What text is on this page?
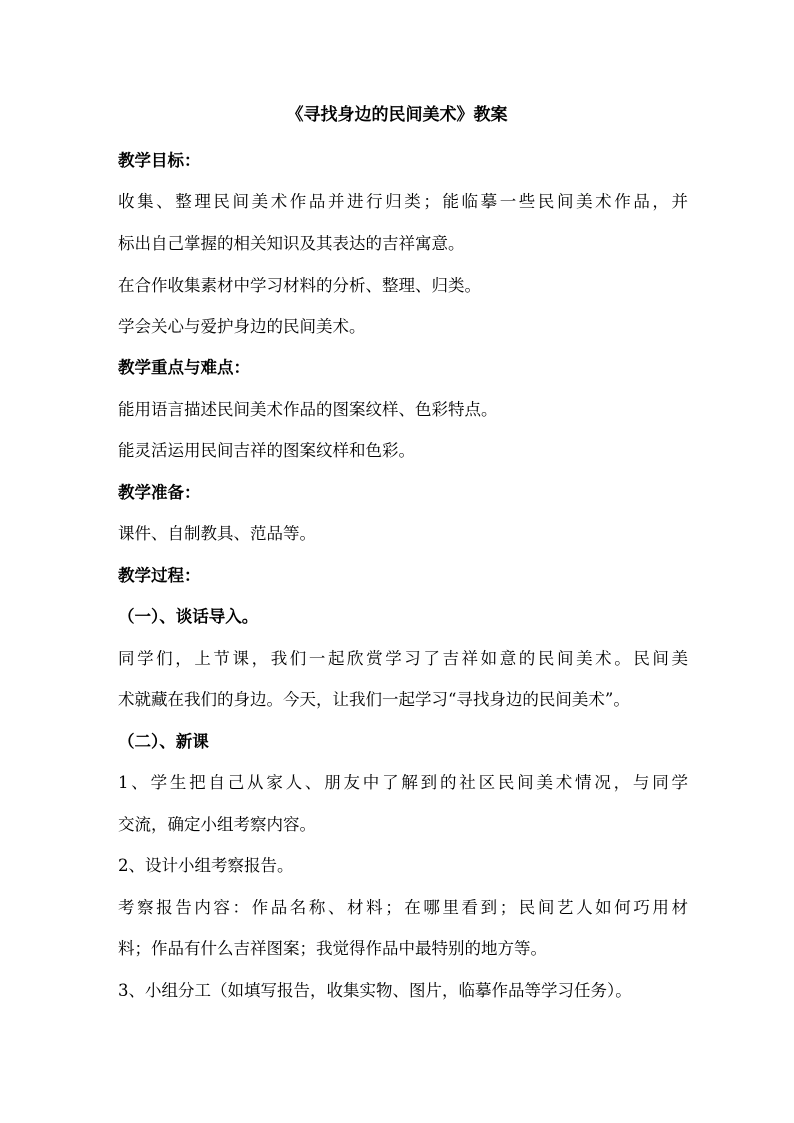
《寻找身边的民间美术》教案
教学目标：
收集、整理民间美术作品并进行归类；能临摹一些民间美术作品，并
标出自己掌握的相关知识及其表达的吉祥寓意。
在合作收集素材中学习材料的分析、整理、归类。
学会关心与爱护身边的民间美术。
教学重点与难点：
能用语言描述民间美术作品的图案纹样、色彩特点。
能灵活运用民间吉祥的图案纹样和色彩。
教学准备：
课件、自制教具、范品等。
教学过程：
（一）、谈话导入。
同学们，上节课，我们一起欣赏学习了吉祥如意的民间美术。民间美
术就藏在我们的身边。今天，让我们一起学习“寻找身边的民间美术”。
（二）、新课
1、学生把自己从家人、朋友中了解到的社区民间美术情况，与同学
交流，确定小组考察内容。
2、设计小组考察报告。
考察报告内容：作品名称、材料；在哪里看到；民间艺人如何巧用材
料；作品有什么吉祥图案；我觉得作品中最特别的地方等。
3、小组分工（如填写报告，收集实物、图片，临摹作品等学习任务）。
